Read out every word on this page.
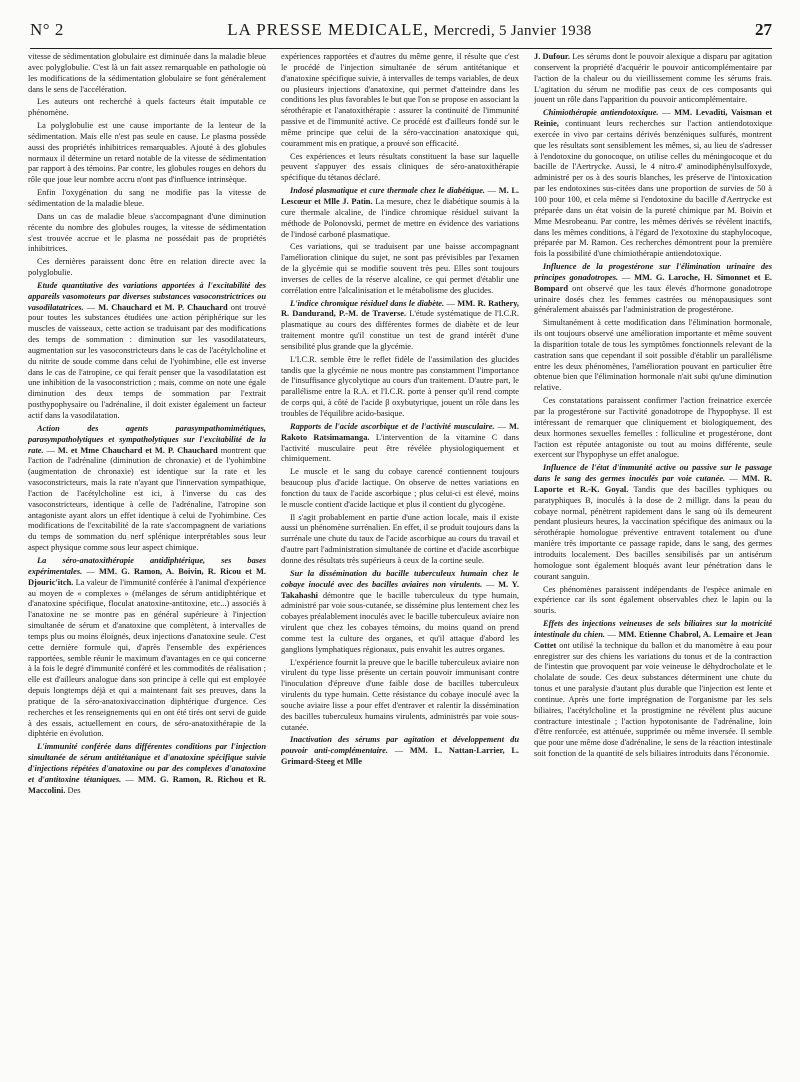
N° 2	LA PRESSE MEDICALE, Mercredi, 5 Janvier 1938	27

vitesse de sédimentation globulaire est diminuée dans la maladie bleue avec polyglobulie. C'est là un fait assez remarquable en pathologie où les modifications de la sédimentation globulaire se font généralement dans le sens de l'accélération.

Les auteurs ont recherché à quels facteurs était imputable ce phénomène.

La polyglobulie est une cause importante de la lenteur de la sédimentation. Mais elle n'est pas seule en cause. Le plasma possède aussi des propriétés inhibitrices remarquables. Ajouté à des globules normaux il détermine un retard notable de la vitesse de sédimentation par rapport à des témoins. Par contre, les globules rouges en dehors du rôle que joue leur nombre accru n'ont pas d'influence intrinsèque.

Enfin l'oxygénation du sang ne modifie pas la vitesse de sédimentation de la maladie bleue.

Dans un cas de maladie bleue s'accompagnant d'une diminution récente du nombre des globules rouges, la vitesse de sédimentation s'est trouvée accrue et le plasma ne possédait pas de propriétés inhibitrices.

Ces dernières paraissent donc être en relation directe avec la polyglobulie.

Etude quantitative des variations apportées à l'excitabilité des appareils vasomoteurs par diverses substances vasoconstrictrices ou vasodilatatrices. — M. Chauchard et M. P. Chauchard ont trouvé pour toutes les substances étudiées une action périphérique sur les muscles de vaisseaux, cette action se traduisant par des modifications des temps de sommation : diminution sur les vasodilatateurs, augmentation sur les vasoconstricteurs dans le cas de l'acétylcholine et du nitrite de soude comme dans celui de l'yohimbine, elle est inverse dans le cas de l'atropine, ce qui ferait penser que la vasodilatation est une inhibition de la vasoconstriction ; mais, comme on note une égale diminution des deux temps de sommation par l'extrait posthypophysaire ou l'adrénaline, il doit exister également un facteur actif dans la vasodilatation.

Action des agents parasympathomimétiques, parasympatholytiques et sympatholytiques sur l'excitabilité de la rate. — M. et Mme Chauchard et M. P. Chauchard montrent que l'action de l'adrénaline (diminution de chronaxie) et de l'yohimbine (augmentation de chronaxie) est identique sur la rate et les vasoconstricteurs, mais la rate n'ayant que l'innervation sympathique, l'action de l'acétylcholine est ici, à l'inverse du cas des vasoconstricteurs, identique à celle de l'adrénaline, l'atropine son antagoniste ayant alors un effet identique à celui de l'yohimbine. Ces modifications de l'excitabilité de la rate s'accompagnent de variations du temps de sommation du nerf splénique interprétables sous leur aspect physique comme sous leur aspect chimique.

La séro-anatoxithérapie antidiphtérique, ses bases expérimentales. — MM. G. Ramon, A. Boivin, R. Ricou et M. Djouric'itch. La valeur de l'immunité conférée à l'animal d'expérience au moyen de « complexes » (mélanges de sérum antidiphtérique et d'anatoxine spécifique, floculat anatoxine-antitoxine, etc...) associés à l'anatoxine ne se montre pas en général supérieure à l'injection simultanée de sérum et d'anatoxine que complètent, à intervalles de temps plus ou moins éloignés, deux injections d'anatoxine seule. C'est cette dernière formule qui, d'après l'ensemble des expériences rapportées, semble réunir le maximum d'avantages en ce qui concerne à la fois le degré d'immunité conféré et les commodités de réalisation ; elle est d'ailleurs analogue dans son principe à celle qui est employée depuis longtemps déjà et qui a maintenant fait ses preuves, dans la pratique de la séro-anatoxivaccination diphtérique d'urgence. Ces recherches et les renseignements qui en ont été tirés ont servi de guide à des essais, actuellement en cours, de séro-anatoxithérapie de la diphtérie en évolution.

L'immunité conférée dans différentes conditions par l'injection simultanée de sérum antitétanique et d'anatoxine spécifique suivie d'injections répétées d'anatoxine ou par des complexes d'anatoxine et d'antitoxine tétaniques. — MM. G. Ramon, R. Richou et R. Maccolini. Des

expériences rapportées et d'autres du même genre, il résulte que c'est le procédé de l'injection simultanée de sérum antitétanique et d'anatoxine spécifique suivie, à intervalles de temps variables, de deux ou plusieurs injections d'anatoxine, qui permet d'atteindre dans les conditions les plus favorables le but que l'on se propose en associant la sérothérapie et l'anatoxithérapie : assurer la continuité de l'immunité passive et de l'immunité active. Ce procédé est d'ailleurs fondé sur le même principe que celui de la séro-vaccination anatoxique qui, couramment mis en pratique, a prouvé son efficacité.

Ces expériences et leurs résultats constituent la base sur laquelle peuvent s'appuyer des essais cliniques de séro-anatoxithérapie spécifique du tétanos déclaré.

Indosé plasmatique et cure thermale chez le diabétique. — M. L. Lescœur et Mlle J. Patin. La mesure, chez le diabétique soumis à la cure thermale alcaline, de l'indice chromique résiduel suivant la méthode de Polonovski, permet de mettre en évidence des variations de l'indosé carboné plasmatique.

Ces variations, qui se traduisent par une baisse accompagnant l'amélioration clinique du sujet, ne sont pas prévisibles par l'examen de la glycémie qui se modifie souvent très peu. Elles sont toujours inverses de celles de la réserve alcaline, ce qui permet d'établir une corrélation entre l'alcalinisation et le métabolisme des glucides.

L'indice chromique résiduel dans le diabète. — MM. R. Rathery, R. Dandurand, P.-M. de Traverse. L'étude systématique de l'I.C.R. plasmatique au cours des différentes formes de diabète et de leur traitement montre qu'il constitue un test de grand intérêt d'une sensibilité plus grande que la glycémie.

L'I.C.R. semble être le reflet fidèle de l'assimilation des glucides tandis que la glycémie ne nous montre pas constamment l'importance de l'insuffisance glycolytique au cours d'un traitement. D'autre part, le parallélisme entre la R.A. et l'I.C.R. porte à penser qu'il rend compte de corps qui, à côté de l'acide β oxybutyrique, jouent un rôle dans les troubles de l'équilibre acido-basique.

Rapports de l'acide ascorbique et de l'activité musculaire. — M. Rakoto Ratsimamanga. L'intervention de la vitamine C dans l'activité musculaire peut être révélée physiologiquement et chimiquement.

Le muscle et le sang du cobaye carencé contiennent toujours beaucoup plus d'acide lactique. On observe de nettes variations en fonction du taux de l'acide ascorbique ; plus celui-ci est élevé, moins le muscle contient d'acide lactique et plus il contient du glycogène.

Il s'agit probablement en partie d'une action locale, mais il existe aussi un phénomène surrénalien. En effet, il se produit toujours dans la surrénale une chute du taux de l'acide ascorbique au cours du travail et d'autre part l'administration simultanée de cortine et d'acide ascorbique donne des résultats très supérieurs à ceux de la cortine seule.

Sur la dissémination du bacille tuberculeux humain chez le cobaye inoculé avec des bacilles aviaires non virulents. — M. Y. Takahashi démontre que le bacille tuberculeux du type humain, administré par voie sous-cutanée, se dissémine plus lentement chez les cobayes préalablement inoculés avec le bacille tuberculeux aviaire non virulent que chez les cobayes témoins, du moins quand on prend comme test la culture des organes, et qu'il attaque d'abord les ganglions lymphatiques régionaux, puis envahit les autres organes.

L'expérience fournit la preuve que le bacille tuberculeux aviaire non virulent du type lisse présente un certain pouvoir immunisant contre l'inoculation d'épreuve d'une faible dose de bacilles tuberculeux virulents du type humain. Cette résistance du cobaye inoculé avec la souche aviaire lisse a pour effet d'entraver et ralentir la dissémination des bacilles tuberculeux humains virulents, administrés par voie sous-cutanée.

Inactivation des sérums par agitation et développement du pouvoir anti-complémentaire. — MM. L. Nattan-Larrier, L. Grimard-Steeg et Mlle

J. Dufour. Les sérums dont le pouvoir alexique a disparu par agitation conservent la propriété d'acquérir le pouvoir anticomplémentaire par l'action de la chaleur ou du vieillissement comme les sérums frais. L'agitation du sérum ne modifie pas ceux de ces composants qui jouent un rôle dans l'apparition du pouvoir anticomplémentaire.

Chimiothérapie antiendotoxique. — MM. Levaditi, Vaisman et Reinie, continuant leurs recherches sur l'action antiendotoxique exercée in vivo par certains dérivés benzéniques sulfurés, montrent que les résultats sont sensiblement les mêmes, si, au lieu de s'adresser à l'endotoxine du gonocoque, on utilise celles du méningocoque et du bacille de l'Aertrycke. Aussi, le 4 nitro.4' aminodiphénylsulfoxyde, administré per os à des souris blanches, les préserve de l'intoxication par les endotoxines sus-citées dans une proportion de survies de 50 à 100 pour 100, et cela même si l'endotoxine du bacille d'Aertrycke est préparée dans un état voisin de la pureté chimique par M. Boivin et Mme Mesrobeanu. Par contre, les mêmes dérivés se révèlent inactifs, dans les mêmes conditions, à l'égard de l'exotoxine du staphylocoque, préparée par M. Ramon. Ces recherches démontrent pour la première fois la possibilité d'une chimiothérapie antiendotoxique.

Influence de la progestérone sur l'élimination urinaire des principes gonadotropes. — MM. G. Laroche, H. Simonnet et E. Bompard ont observé que les taux élevés d'hormone gonadotrope urinaire dosés chez les femmes castrées ou ménopausiques sont généralement abaissés par l'administration de progestérone.

Simultanément à cette modification dans l'élimination hormonale, ils ont toujours observé une amélioration importante et même souvent la disparition totale de tous les symptômes fonctionnels relevant de la castration sans que cependant il soit possible d'établir un parallélisme entre les deux phénomènes, l'amélioration pouvant en particulier être obtenue bien que l'élimination hormonale n'ait subi qu'une diminution relative.

Ces constatations paraissent confirmer l'action freinatrice exercée par la progestérone sur l'activité gonadotrope de l'hypophyse. Il est intéressant de remarquer que cliniquement et biologiquement, des deux hormones sexuelles femelles : folliculine et progestérone, dont l'action est réputée antagoniste ou tout au moins différente, seule exercent sur l'hypophyse un effet analogue.

Influence de l'état d'immunité active ou passive sur le passage dans le sang des germes inoculés par voie cutanée. — MM. R. Laporte et R.-K. Goyal. Tandis que des bacilles typhiques ou paratyphiques B, inoculés à la dose de 2 milligr. dans la peau du cobaye normal, pénètrent rapidement dans le sang où ils demeurent pendant plusieurs heures, la vaccination spécifique des animaux ou la sérothérapie homologue préventive entravent totalement ou d'une manière très importante ce passage rapide, dans le sang, des germes introduits localement. Des bacilles sensibilisés par un antisérum homologue sont également bloqués avant leur pénétration dans le courant sanguin.

Ces phénomènes paraissent indépendants de l'espèce animale en expérience car ils sont également observables chez le lapin ou la souris.

Effets des injections veineuses de sels biliaires sur la motricité intestinale du chien. — MM. Etienne Chabrol, A. Lemaire et Jean Cottet ont utilisé la technique du ballon et du manomètre à eau pour enregistrer sur des chiens les variations du tonus et de la contraction de l'intestin que provoquent par voie veineuse le déhydrocholate et le cholalate de soude. Ces deux substances déterminent une chute du tonus et une paralysie d'autant plus durable que l'injection est lente et continue. Après une forte imprégnation de l'organisme par les sels biliaires, l'acétylcholine et la prostigmine ne révèlent plus aucune contracture intestinale ; l'action hypotonisante de l'adrénaline, loin d'être renforcée, est atténuée, supprimée ou même inversée. Il semble que pour une même dose d'adrénaline, le sens de la réaction intestinale soit fonction de la quantité de sels biliaires introduits dans l'économie.
